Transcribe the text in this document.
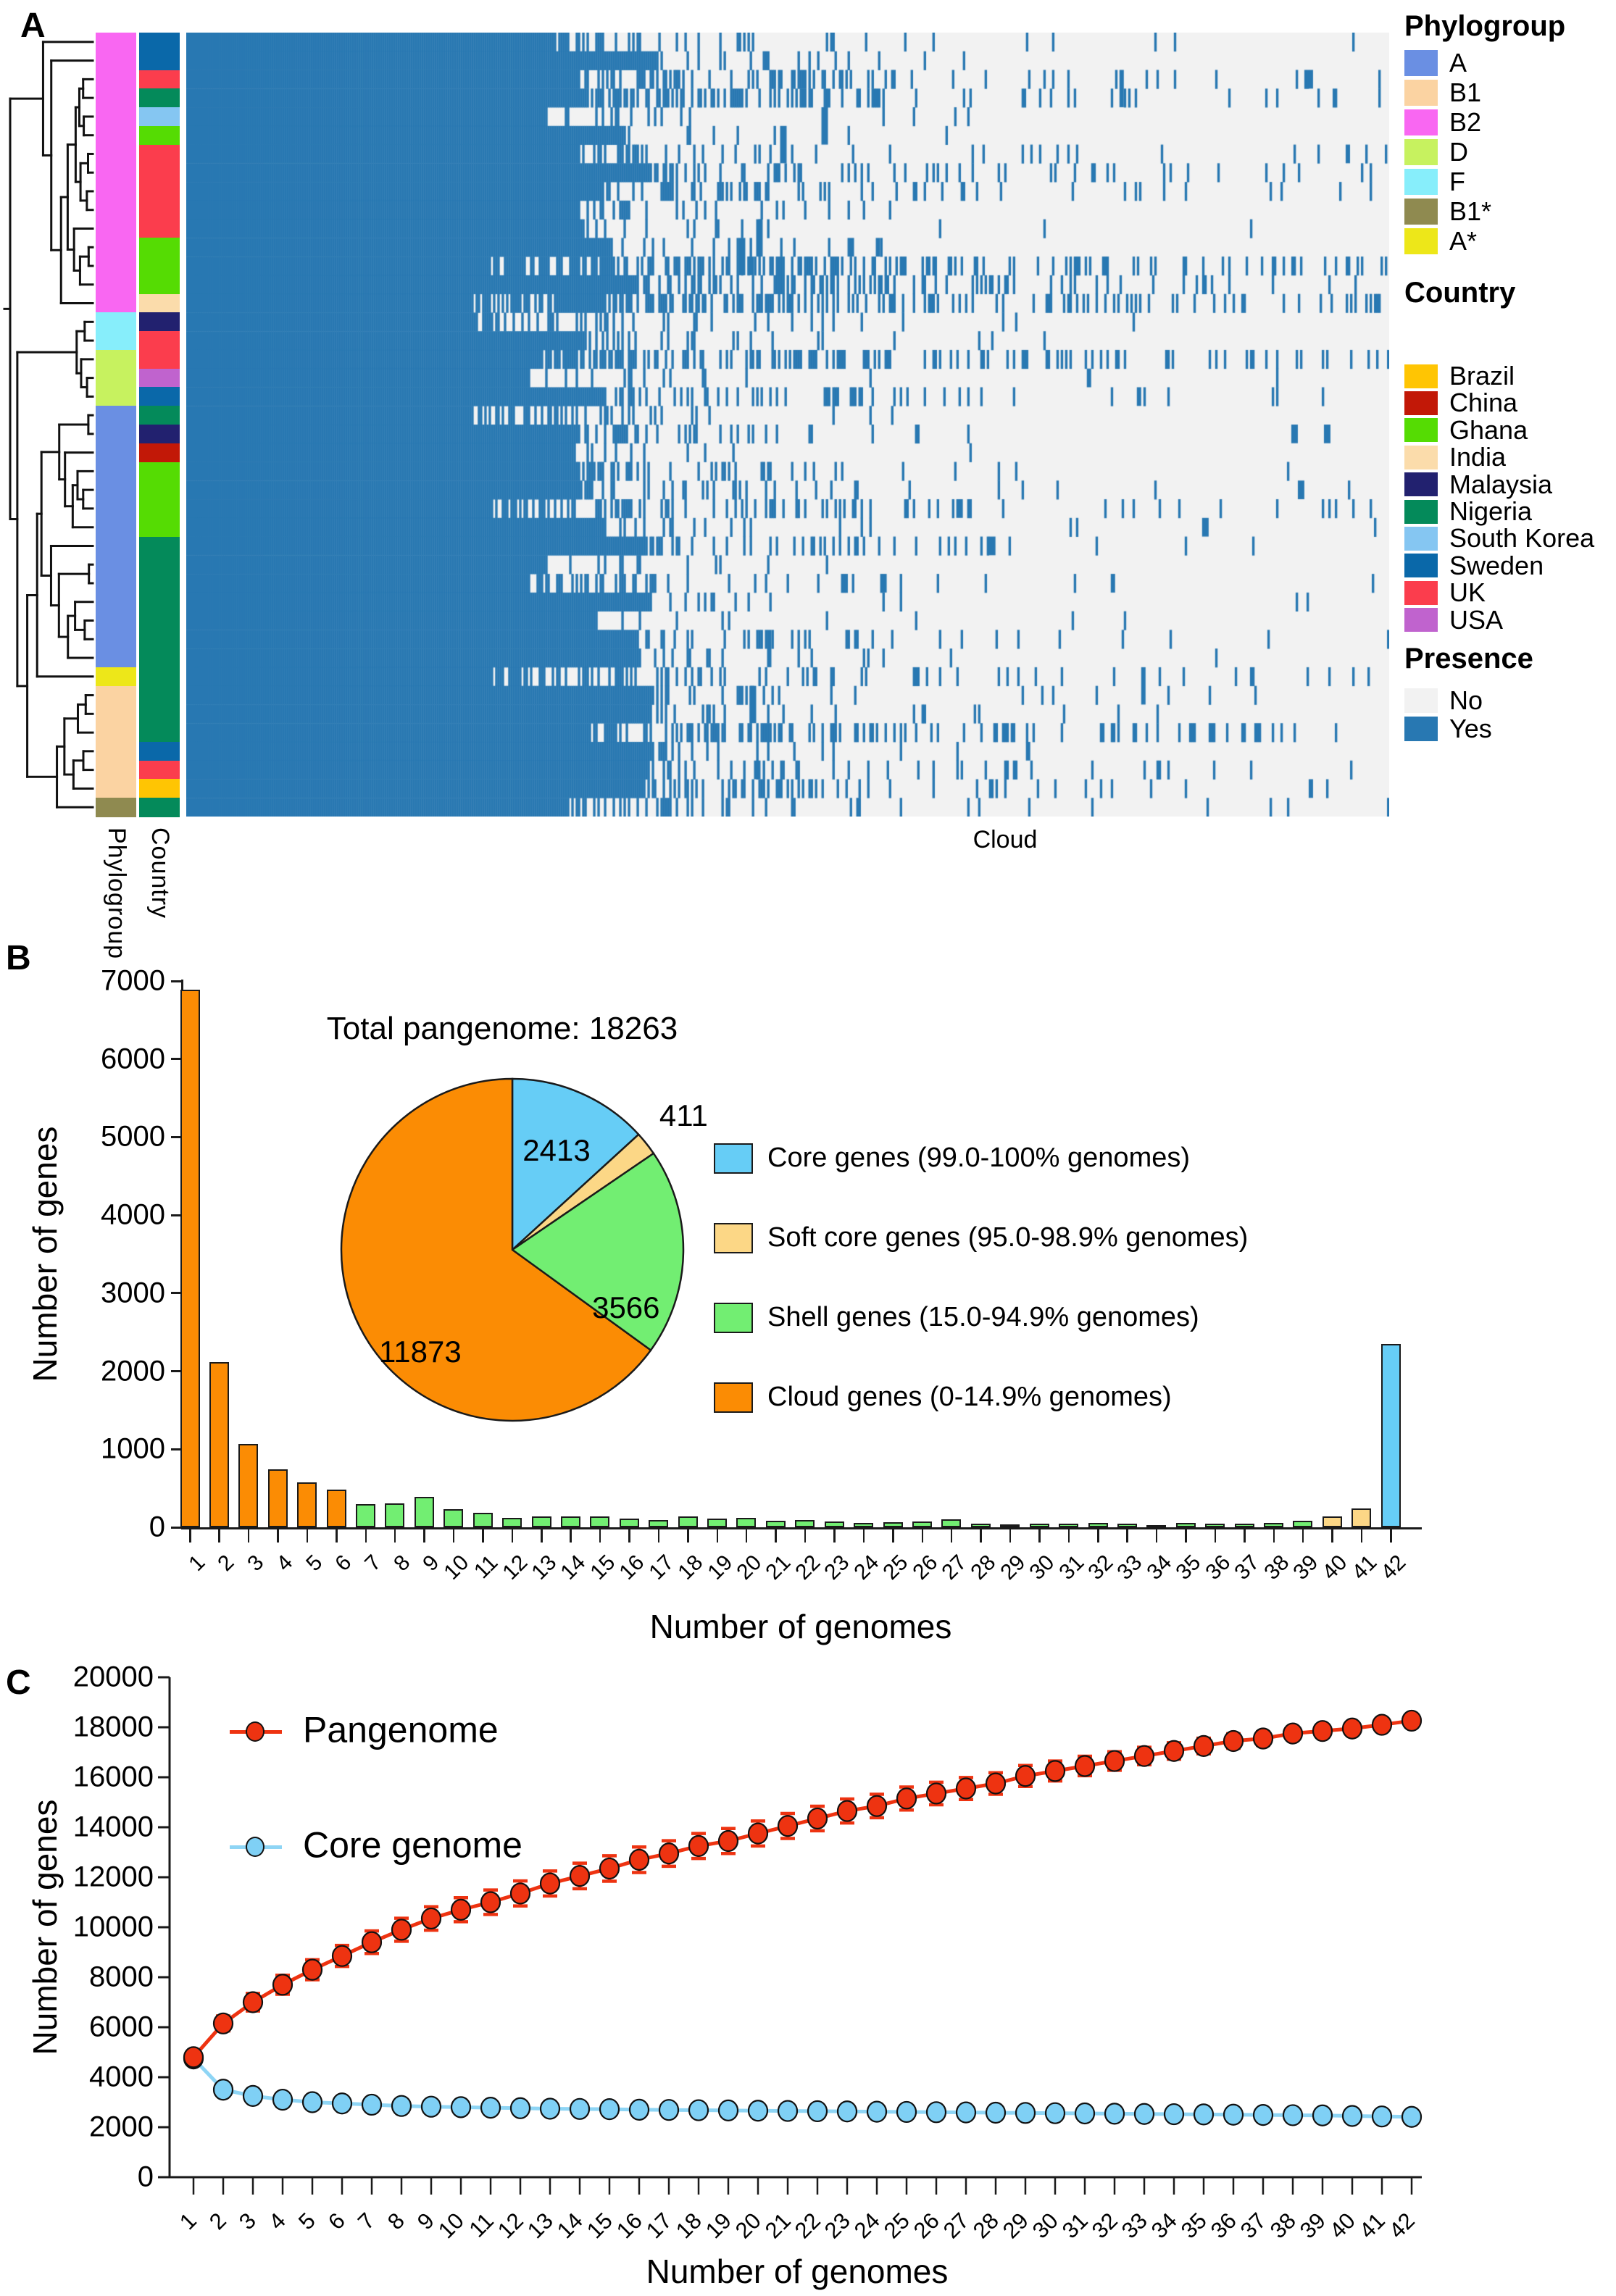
A
Cloud
Phylogroup Country
Phylogroup
A
B1
B2
D
F
B1*
A*
Country
Brazil
China
Ghana
India
Malaysia
Nigeria
South Korea
Sweden
UK
USA
Presence
No
Yes
B
Number of genes
0
1000
2000
3000
4000
5000
6000
7000
1 2 3 4 5 6 7 8 9
10
11
12
13
14
15
16
17
18
19
20
21
22
23
24
25
26
27
28
29
30
31
32
33
34
35
36
37
38
39
40
41
42
Number of genomes
Total pangenome: 18263
2413
411
3566
11873
Core genes (99.0-100% genomes)
Soft core genes (95.0-98.9% genomes)
Shell genes (15.0-94.9% genomes)
Cloud genes (0-14.9% genomes)
C
Number of genes
1 2 3 4 5 6 7 8 9
10
11
12
13
14
15
16
17
18
19
20
21
22
23
24
25
26
27
28
29
30
31
32
33
34
35
36
37
38
39
40
41
42
0
2000
4000
6000
8000
10000
12000
14000
16000
18000
20000
Pangenome
Core genome
Number of genomes
